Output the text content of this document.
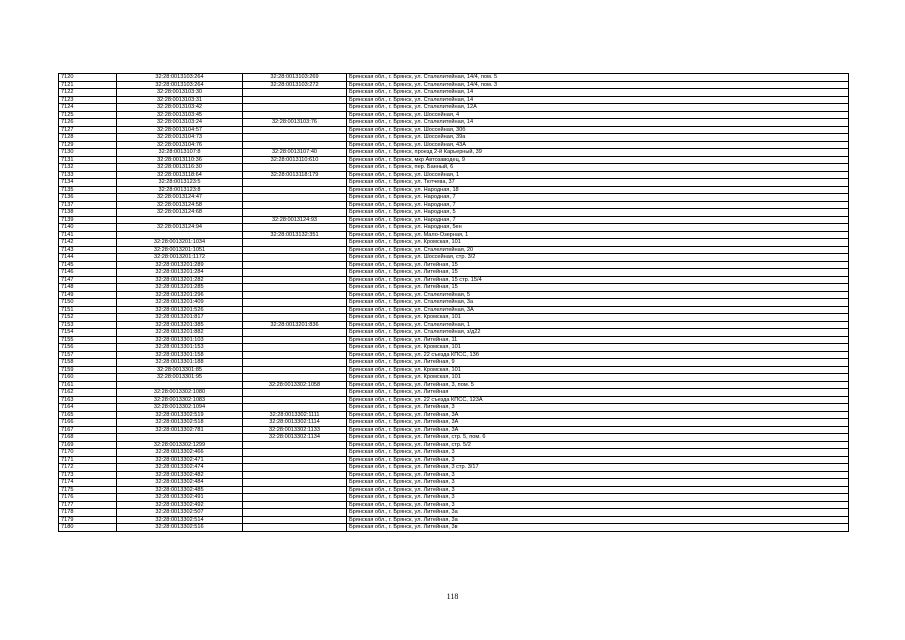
7120	32:28:0013103:264	32:28:0013103:269	Брянская обл., г. Брянск, ул. Сталелитейная, 14/4, пом. 5
7121	32:28:0013103:264	32:28:0013103:272	Брянская обл., г. Брянск, ул. Сталелитейная, 14/4, пом. 3
7122	32:28:0013103:30		Брянская обл., г. Брянск, ул. Сталелитейная, 14
7123	32:28:0013103:31		Брянская обл., г. Брянск, ул. Сталелитейная, 14
7124	32:28:0013103:42		Брянская обл., г. Брянск, ул. Сталелитейная, 12А
7125	32:28:0013103:45		Брянская обл., г. Брянск, ул. Шоссейная, 4
7126	32:28:0013103:24	32:28:0013103:76	Брянская обл., г. Брянск, ул. Сталелитейная, 14
7127	32:28:0013104:57		Брянская обл., г. Брянск, ул. Шоссейная, 30б
7128	32:28:0013104:73		Брянская обл., г. Брянск, ул. Шоссейная, 39а
7129	32:28:0013104:76		Брянская обл., г. Брянск, ул. Шоссейная, 43А
7130	32:28:0013107:8	32:28:0013107:40	Брянская обл., г. Брянск, проезд 2-й Карьерный, 39
7131	32:28:0013110:36	32:28:0013110:610	Брянская обл., г. Брянск, мкр Автозаводец, 9
7132	32:28:0013116:30		Брянская обл., г. Брянск, пер. Банный, 6
7133	32:28:0013118:64	32:28:0013118:179	Брянская обл., г. Брянск, ул. Шоссейная, 1
7134	32:28:0013123:5		Брянская обл., г. Брянск, ул. Тютчева, 37
7135	32:28:0013123:8		Брянская обл., г. Брянск, ул. Народная, 18
7136	32:28:0013124:47		Брянская обл., г. Брянск, ул. Народная, 7
7137	32:28:0013124:58		Брянская обл., г. Брянск, ул. Народная, 7
7138	32:28:0013124:68		Брянская обл., г. Брянск, ул. Народная, 5
7139		32:28:0013124:93	Брянская обл., г. Брянск, ул. Народная, 7
7140	32:28:0013124:94		Брянская обл., г. Брянск, ул. Народная, 5ен
7141		32:28:0013132:351	Брянская обл., г. Брянск, ул. Мало-Озерная, 1
7142	32:28:0013201:1034		Брянская обл., г. Брянск, ул. Кромская, 101
7143	32:28:0013201:1051		Брянская обл., г. Брянск, ул. Сталелитейная, 20
7144	32:28:0013201:1172		Брянская обл., г. Брянск, ул. Шоссейная, стр. 3/2
7145	32:28:0013201:289		Брянская обл., г. Брянск, ул. Литейная, 15
7146	32:28:0013201:284		Брянская обл., г. Брянск, ул. Литейная, 15
7147	32:28:0013201:282		Брянская обл., г. Брянск, ул. Литейная, 15 стр. 15/4
7148	32:28:0013201:285		Брянская обл., г. Брянск, ул. Литейная, 15
7149	32:28:0013201:296		Брянская обл., г. Брянск, ул. Сталелитейная, 5
7150	32:28:0013201:409		Брянская обл., г. Брянск, ул. Сталелитейная, 3а
7151	32:28:0013201:526		Брянская обл., г. Брянск, ул. Сталелитейная, 3А
7152	32:28:0013201:817		Брянская обл., г. Брянск, ул. Кромская, 101
7153	32:28:0013201:385	32:28:0013201:836	Брянская обл., г. Брянск, ул. Сталелитейная, 1
7154	32:28:0013201:882		Брянская обл., г. Брянск, ул. Сталелитейная, з/д22
7155	32:28:0013301:103		Брянская обл., г. Брянск, ул. Литейная, 11
7156	32:28:0013301:153		Брянская обл., г. Брянск, ул. Кромская, 101
7157	32:28:0013301:158		Брянская обл., г. Брянск, ул. 22 съезда КПСС, 13б
7158	32:28:0013301:188		Брянская обл., г. Брянск, ул. Литейная, 9
7159	32:28:0013301:85		Брянская обл., г. Брянск, ул. Кромская, 101
7160	32:28:0013301:95		Брянская обл., г. Брянск, ул. Кромская, 101
7161		32:28:0013302:1058	Брянская обл., г. Брянск, ул. Литейная, 3, пом. 5
7162	32:28:0013302:1080		Брянская обл., г. Брянск, ул. Литейная
7163	32:28:0013302:1083		Брянская обл., г. Брянск, ул. 22 съезда КПСС, 123А
7164	32:28:0013302:1094		Брянская обл., г. Брянск, ул. Литейная, 3
7165	32:28:0013302:519	32:28:0013302:1111	Брянская обл., г. Брянск, ул. Литейная, 3А
7166	32:28:0013302:518	32:28:0013302:1114	Брянская обл., г. Брянск, ул. Литейная, 3А
7167	32:28:0013302:781	32:28:0013302:1133	Брянская обл., г. Брянск, ул. Литейная, 3А
7168		32:28:0013302:1134	Брянская обл., г. Брянск, ул. Литейная, стр. 5, пом. 6
7169	32:28:0013302:1299		Брянская обл., г. Брянск, ул. Литейная, стр. 5/2
7170	32:28:0013302:466		Брянская обл., г. Брянск, ул. Литейная, 3
7171	32:28:0013302:471		Брянская обл., г. Брянск, ул. Литейная, 3
7172	32:28:0013302:474		Брянская обл., г. Брянск, ул. Литейная, 3 стр. 3/17
7173	32:28:0013302:482		Брянская обл., г. Брянск, ул. Литейная, 3
7174	32:28:0013302:484		Брянская обл., г. Брянск, ул. Литейная, 3
7175	32:28:0013302:485		Брянская обл., г. Брянск, ул. Литейная, 3
7176	32:28:0013302:491		Брянская обл., г. Брянск, ул. Литейная, 3
7177	32:28:0013302:492		Брянская обл., г. Брянск, ул. Литейная, 3
7178	32:28:0013302:507		Брянская обл., г. Брянск, ул. Литейная, 3а
7179	32:28:0013302:514		Брянская обл., г. Брянск, ул. Литейная, 3а
7180	32:28:0013302:516		Брянская обл., г. Брянск, ул. Литейная, 3в
118
